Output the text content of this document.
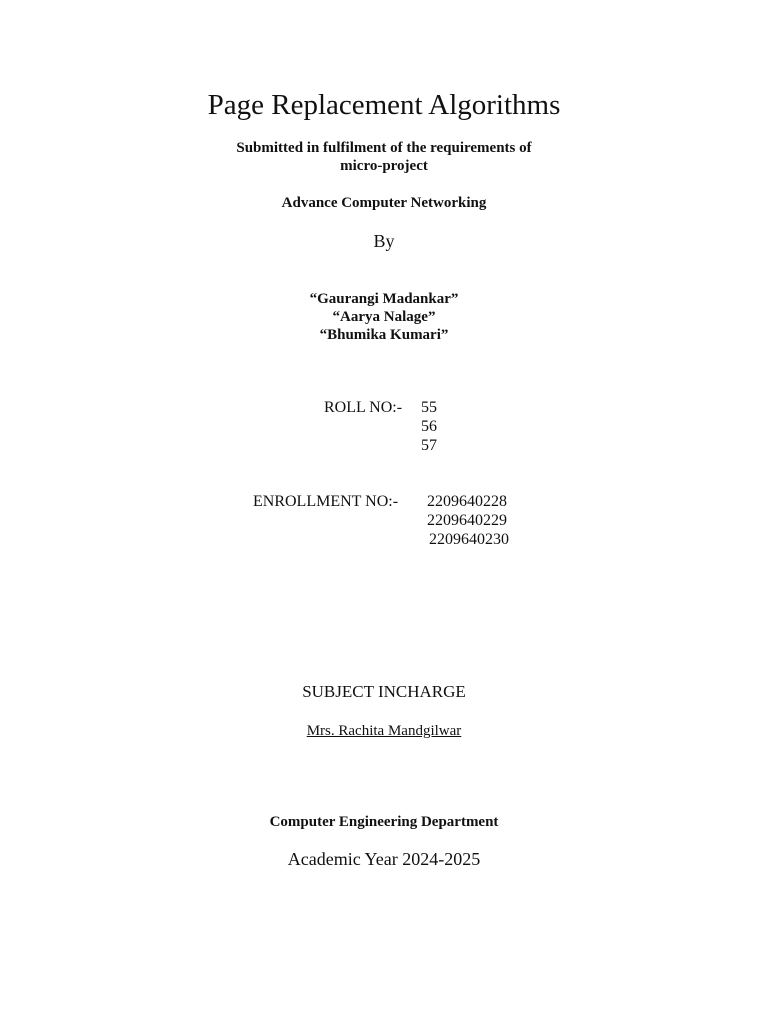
Page Replacement Algorithms
Submitted in fulfilment of the requirements of
micro-project
Advance Computer Networking
By
“Gaurangi Madankar”
“Aarya Nalage”
“Bhumika Kumari”
ROLL NO:- 55
56
57
ENROLLMENT NO:- 2209640228
2209640229
2209640230
SUBJECT INCHARGE
Mrs. Rachita Mandgilwar
Computer Engineering Department
Academic Year 2024-2025
